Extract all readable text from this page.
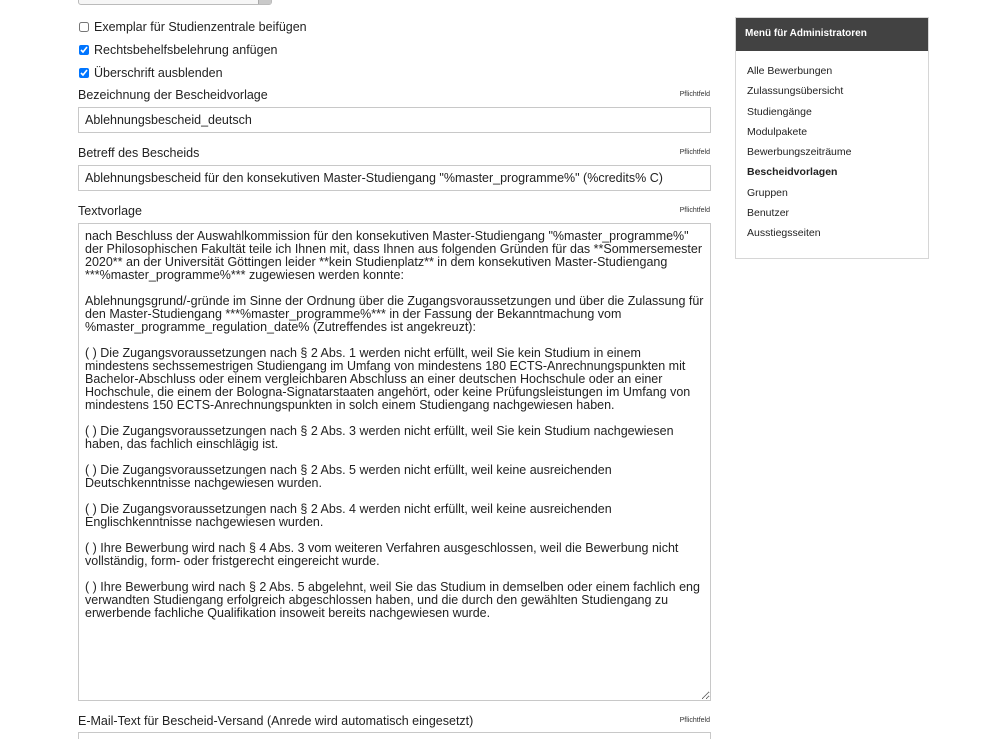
Exemplar für Studienzentrale beifügen
Rechtsbehelfsbelehrung anfügen
Überschrift ausblenden
Bezeichnung der Bescheidvorlage	Pflichtfeld
Ablehnungsbescheid_deutsch
Betreff des Bescheids	Pflichtfeld
Ablehnungsbescheid für den konsekutiven Master-Studiengang "%master_programme%" (%credits% C)
Textvorlage	Pflichtfeld
nach Beschluss der Auswahlkommission für den konsekutiven Master-Studiengang "%master_programme%" der Philosophischen Fakultät teile ich Ihnen mit, dass Ihnen aus folgenden Gründen für das **Sommersemester 2020** an der Universität Göttingen leider **kein Studienplatz** in dem konsekutiven Master-Studiengang ***%master_programme%*** zugewiesen werden konnte: Ablehnungsgrund/-gründe im Sinne der Ordnung über die Zugangsvoraussetzungen und über die Zulassung für den Master-Studiengang ***%master_programme%*** in der Fassung der Bekanntmachung vom %master_programme_regulation_date% (Zutreffendes ist angekreuzt): ( ) Die Zugangsvoraussetzungen nach § 2 Abs. 1 werden nicht erfüllt, weil Sie kein Studium in einem mindestens sechssemestrigen Studiengang im Umfang von mindestens 180 ECTS-Anrechnungspunkten mit Bachelor-Abschluss oder einem vergleichbaren Abschluss an einer deutschen Hochschule oder an einer Hochschule, die einem der Bologna-Signatarstaaten angehört, oder keine Prüfungsleistungen im Umfang von mindestens 150 ECTS-Anrechnungspunkten in solch einem Studiengang nachgewiesen haben. ( ) Die Zugangsvoraussetzungen nach § 2 Abs. 3 werden nicht erfüllt, weil Sie kein Studium nachgewiesen haben, das fachlich einschlägig ist. ( ) Die Zugangsvoraussetzungen nach § 2 Abs. 5 werden nicht erfüllt, weil keine ausreichenden Deutschkenntnisse nachgewiesen wurden. ( ) Die Zugangsvoraussetzungen nach § 2 Abs. 4 werden nicht erfüllt, weil keine ausreichenden Englischkenntnisse nachgewiesen wurden. ( ) Ihre Bewerbung wird nach § 4 Abs. 3 vom weiteren Verfahren ausgeschlossen, weil die Bewerbung nicht vollständig, form- oder fristgerecht eingereicht wurde. ( ) Ihre Bewerbung wird nach § 2 Abs. 5 abgelehnt, weil Sie das Studium in demselben oder einem fachlich eng verwandten Studiengang erfolgreich abgeschlossen haben, und die durch den gewählten Studiengang zu erwerbende fachliche Qualifikation insoweit bereits nachgewiesen wurde.
E-Mail-Text für Bescheid-Versand (Anrede wird automatisch eingesetzt)	Pflichtfeld
Menü für Administratoren
Alle Bewerbungen
Zulassungsübersicht
Studiengänge
Modulpakete
Bewerbungszeiträume
Bescheidvorlagen
Gruppen
Benutzer
Ausstiegsseiten
